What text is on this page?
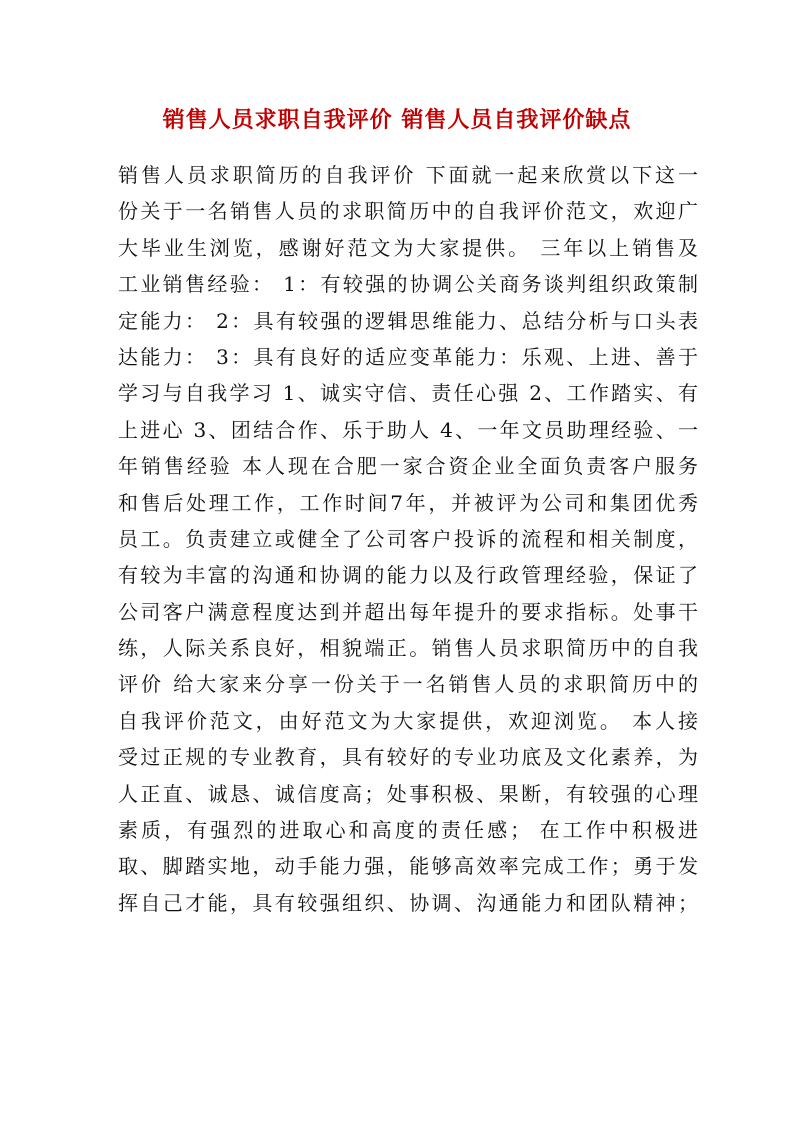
销售人员求职自我评价 销售人员自我评价缺点
销售人员求职简历的自我评价 下面就一起来欣赏以下这一
份关于一名销售人员的求职简历中的自我评价范文，欢迎广
大毕业生浏览，感谢好范文为大家提供。 三年以上销售及
工业销售经验： 1：有较强的协调公关商务谈判组织政策制
定能力： 2：具有较强的逻辑思维能力、总结分析与口头表
达能力： 3：具有良好的适应变革能力：乐观、上进、善于
学习与自我学习 1、诚实守信、责任心强 2、工作踏实、有
上进心 3、团结合作、乐于助人 4、一年文员助理经验、一
年销售经验 本人现在合肥一家合资企业全面负责客户服务
和售后处理工作，工作时间7年，并被评为公司和集团优秀
员工。负责建立或健全了公司客户投诉的流程和相关制度，
有较为丰富的沟通和协调的能力以及行政管理经验，保证了
公司客户满意程度达到并超出每年提升的要求指标。处事干
练，人际关系良好，相貌端正。销售人员求职简历中的自我
评价 给大家来分享一份关于一名销售人员的求职简历中的
自我评价范文，由好范文为大家提供，欢迎浏览。 本人接
受过正规的专业教育，具有较好的专业功底及文化素养，为
人正直、诚恳、诚信度高；处事积极、果断，有较强的心理
素质，有强烈的进取心和高度的责任感； 在工作中积极进
取、脚踏实地，动手能力强，能够高效率完成工作；勇于发
挥自己才能，具有较强组织、协调、沟通能力和团队精神；
